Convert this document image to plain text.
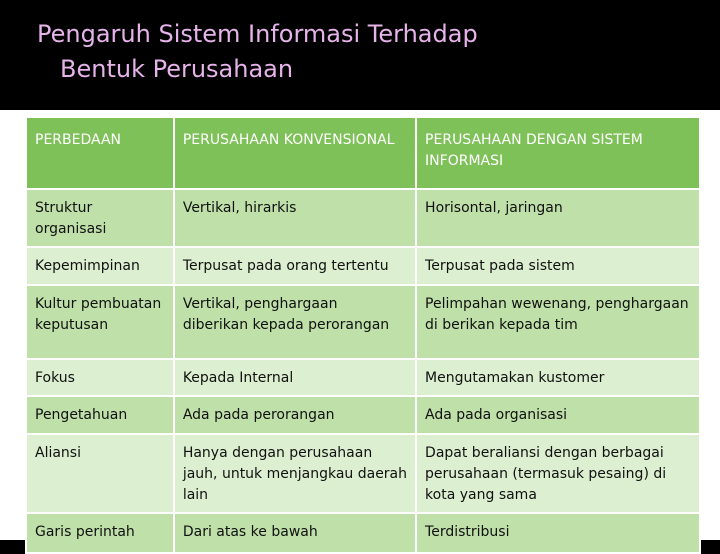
Pengaruh Sistem Informasi Terhadap
Bentuk Perusahaan
PERBEDAAN	PERUSAHAAN KONVENSIONAL	PERUSAHAAN DENGAN SISTEM INFORMASI
Struktur organisasi	Vertikal, hirarkis	Horisontal, jaringan
Kepemimpinan	Terpusat pada orang tertentu	Terpusat pada sistem
Kultur pembuatan keputusan	Vertikal, penghargaan diberikan kepada perorangan	Pelimpahan wewenang, penghargaan di berikan kepada tim
Fokus	Kepada Internal	Mengutamakan kustomer
Pengetahuan	Ada pada perorangan	Ada pada organisasi
Aliansi	Hanya dengan perusahaan jauh, untuk menjangkau daerah lain	Dapat beraliansi dengan berbagai perusahaan (termasuk pesaing) di kota yang sama
Garis perintah	Dari atas ke bawah	Terdistribusi
